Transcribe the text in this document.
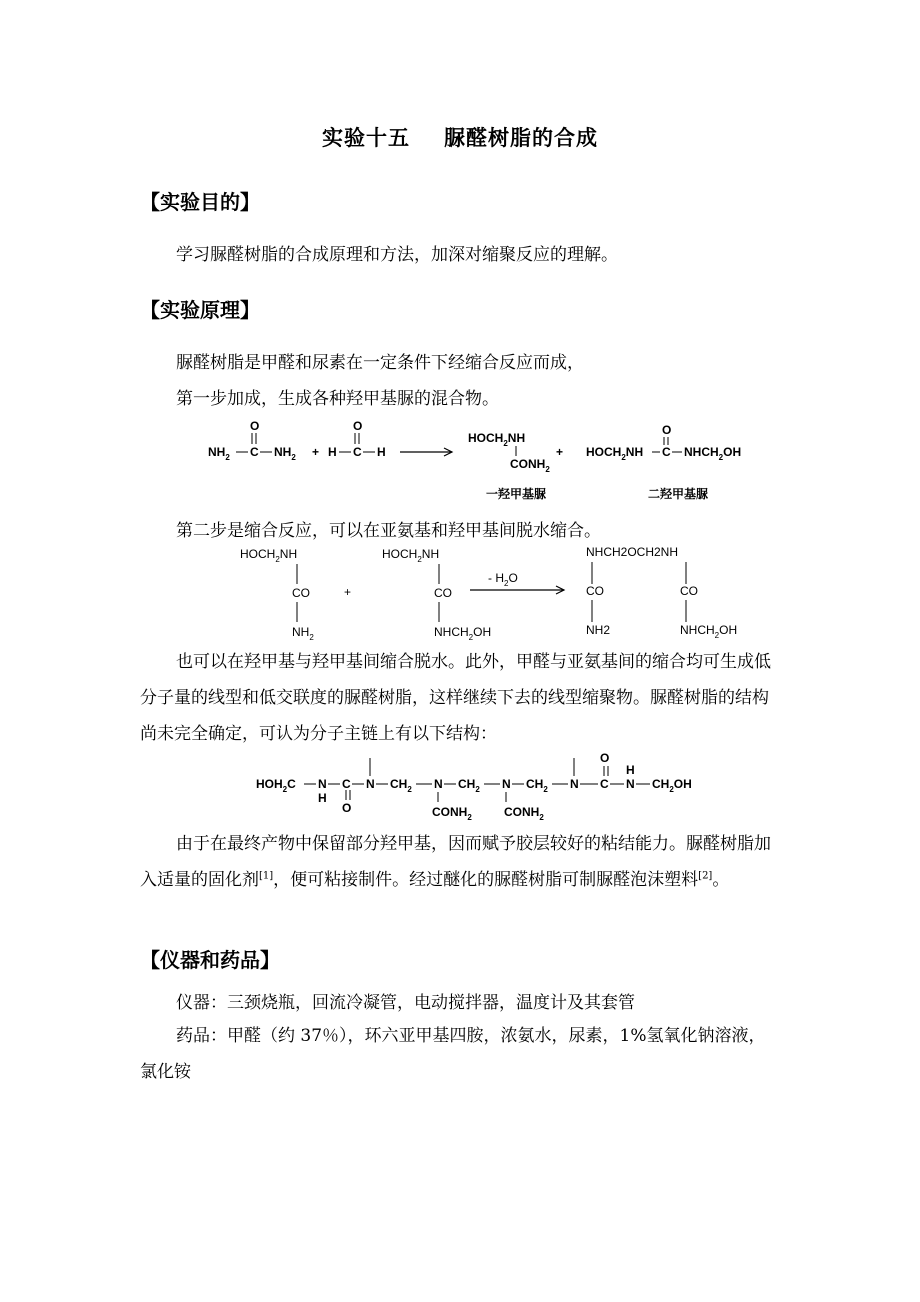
实验十五 脲醛树脂的合成
【实验目的】
学习脲醛树脂的合成原理和方法，加深对缩聚反应的理解。
【实验原理】
脲醛树脂是甲醛和尿素在一定条件下经缩合反应而成，
第一步加成，生成各种羟甲基脲的混合物。
$NH_2$ C
O
$NH_2 + H$ C
O
H
$HOCH_2NH$
$CONH_2$
+ $HOCH_2NH$ C
O
$NHCH_2OH$
一羟甲基脲	二羟甲基脲
第二步是缩合反应，可以在亚氨基和羟甲基间脱水缩合。
$HOCH_2NH$
CO
$NH_2$
+
$HOCH_2NH$
CO
$NHCH_2OH$
- $H_2O$
NHCH2OCH2NH
CO	CO
NH2	$NHCH_2OH$
也可以在羟甲基与羟甲基间缩合脱水。此外，甲醛与亚氨基间的缩合均可生成低分子量的线型和低交联度的脲醛树脂，这样继续下去的线型缩聚物。脲醛树脂的结构尚未完全确定，可认为分子主链上有以下结构：
$HOH_2C$ N
H
C
O
N $CH_2$ N
$CONH_2$
$CH_2$ N
$CONH_2$
$CH_2$ N C
O
N
H
$CH_2OH$
由于在最终产物中保留部分羟甲基，因而赋予胶层较好的粘结能力。脲醛树脂加入适量的固化剂[1]，便可粘接制件。经过醚化的脲醛树脂可制脲醛泡沫塑料[2]。
【仪器和药品】
仪器：三颈烧瓶，回流冷凝管，电动搅拌器，温度计及其套管
药品：甲醛（约 37％），环六亚甲基四胺，浓氨水，尿素，1%氢氧化钠溶液，氯化铵
